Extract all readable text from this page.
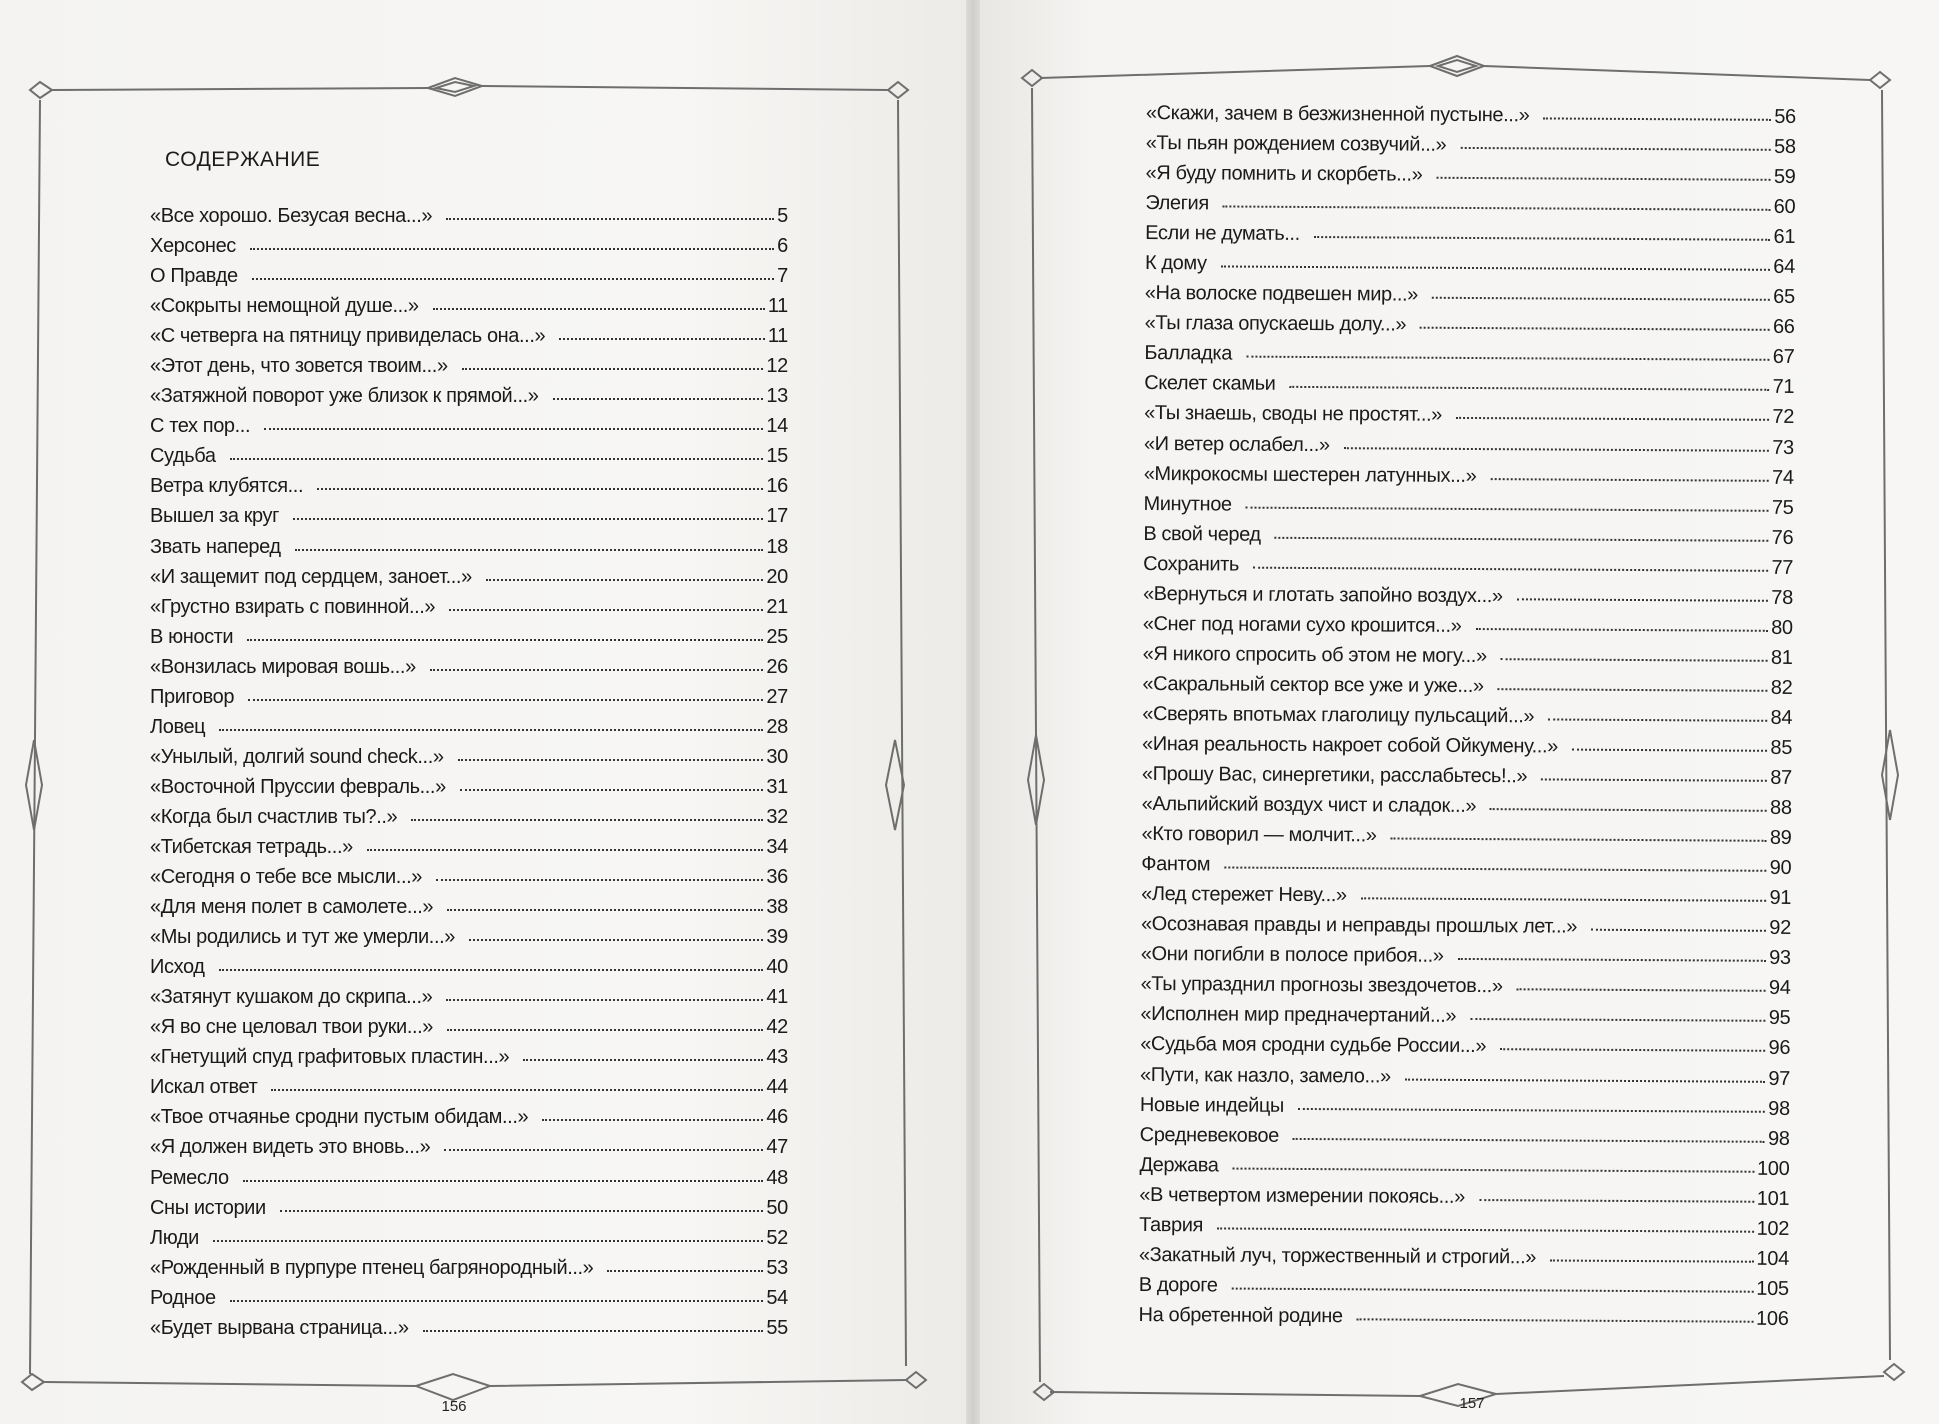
СОДЕРЖАНИЕ
«Все хорошо. Безусая весна...»	5
Херсонес	6
О Правде	7
«Сокрыты немощной душе...»	11
«С четверга на пятницу привиделась она...»	11
«Этот день, что зовется твоим...»	12
«Затяжной поворот уже близок к прямой...»	13
С тех пор...	14
Судьба	15
Ветра клубятся...	16
Вышел за круг	17
Звать наперед	18
«И защемит под сердцем, заноет...»	20
«Грустно взирать с повинной...»	21
В юности	25
«Вонзилась мировая вошь...»	26
Приговор	27
Ловец	28
«Унылый, долгий sound check...»	30
«Восточной Пруссии февраль...»	31
«Когда был счастлив ты?..»	32
«Тибетская тетрадь...»	34
«Сегодня о тебе все мысли...»	36
«Для меня полет в самолете...»	38
«Мы родились и тут же умерли...»	39
Исход	40
«Затянут кушаком до скрипа...»	41
«Я во сне целовал твои руки...»	42
«Гнетущий спуд графитовых пластин...»	43
Искал ответ	44
«Твое отчаянье сродни пустым обидам...»	46
«Я должен видеть это вновь...»	47
Ремесло	48
Сны истории	50
Люди	52
«Рожденный в пурпуре птенец багрянородный...»	53
Родное	54
«Будет вырвана страница...»	55
«Скажи, зачем в безжизненной пустыне...»	56
«Ты пьян рождением созвучий...»	58
«Я буду помнить и скорбеть...»	59
Элегия	60
Если не думать...	61
К дому	64
«На волоске подвешен мир...»	65
«Ты глаза опускаешь долу...»	66
Балладка	67
Скелет скамьи	71
«Ты знаешь, своды не простят...»	72
«И ветер ослабел...»	73
«Микрокосмы шестерен латунных...»	74
Минутное	75
В свой черед	76
Сохранить	77
«Вернуться и глотать запойно воздух...»	78
«Снег под ногами сухо крошится...»	80
«Я никого спросить об этом не могу...»	81
«Сакральный сектор все уже и уже...»	82
«Сверять впотьмах глаголицу пульсаций...»	84
«Иная реальность накроет собой Ойкумену...»	85
«Прошу Вас, синергетики, расслабьтесь!..»	87
«Альпийский воздух чист и сладок...»	88
«Кто говорил — молчит...»	89
Фантом	90
«Лед стережет Неву...»	91
«Осознавая правды и неправды прошлых лет...»	92
«Они погибли в полосе прибоя...»	93
«Ты упразднил прогнозы звездочетов...»	94
«Исполнен мир предначертаний...»	95
«Судьба моя сродни судьбе России...»	96
«Пути, как назло, замело...»	97
Новые индейцы	98
Средневековое	98
Держава	100
«В четвертом измерении покоясь...»	101
Таврия	102
«Закатный луч, торжественный и строгий...»	104
В дороге	105
На обретенной родине	106
156	157
